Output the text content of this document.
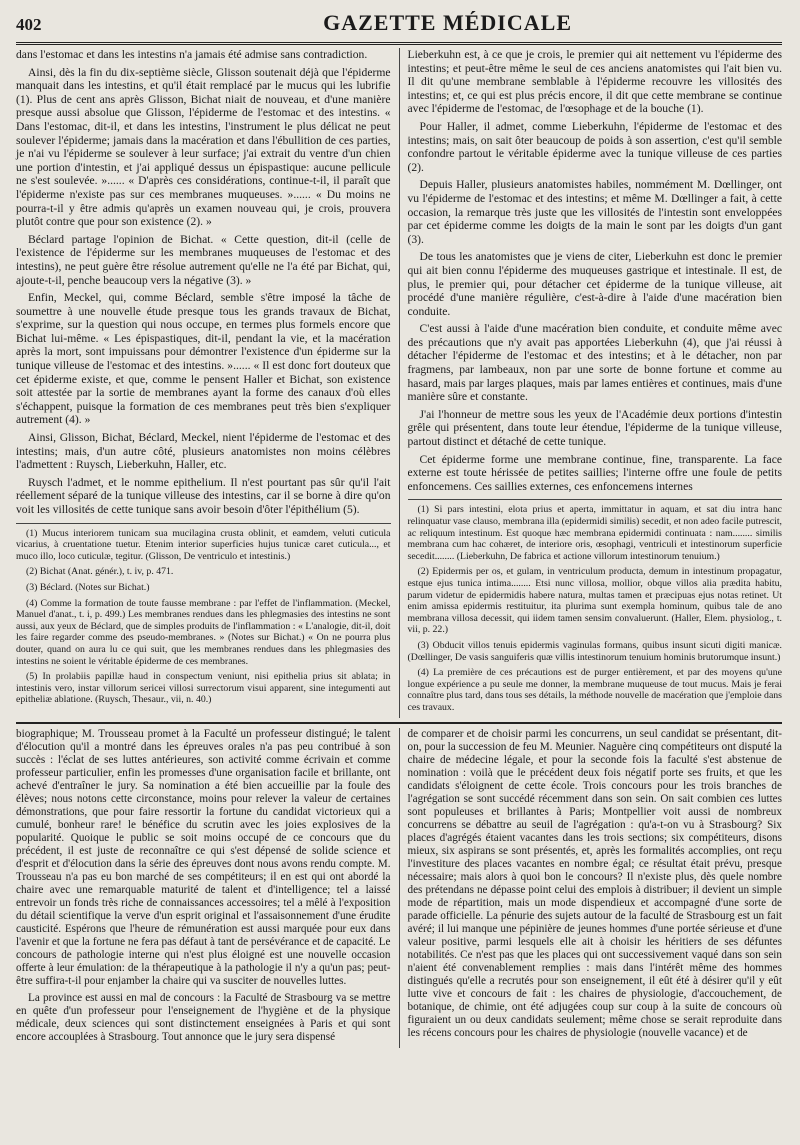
402	GAZETTE MÉDICALE

dans l'estomac et dans les intestins n'a jamais été admise sans contradiction.

Ainsi, dès la fin du dix-septième siècle, Glisson soutenait déjà que l'épiderme manquait dans les intestins, et qu'il était remplacé par le mucus qui les lubrifie (1). Plus de cent ans après Glisson, Bichat niait de nouveau, et d'une manière presque aussi absolue que Glisson, l'épiderme de l'estomac et des intestins. « Dans l'estomac, dit-il, et dans les intestins, l'instrument le plus délicat ne peut soulever l'épiderme; jamais dans la macération et dans l'ébullition de ces parties, je n'ai vu l'épiderme se soulever à leur surface; j'ai extrait du ventre d'un chien une portion d'intestin, et j'ai appliqué dessus un épispastique: aucune pellicule ne s'est soulevée. »...... « D'après ces considérations, continue-t-il, il paraît que l'épiderme n'existe pas sur ces membranes muqueuses. »...... « Du moins ne pourra-t-il y être admis qu'après un examen nouveau qui, je crois, prouvera plutôt contre que pour son existence (2). »

Béclard partage l'opinion de Bichat. « Cette question, dit-il (celle de l'existence de l'épiderme sur les membranes muqueuses de l'estomac et des intestins), ne peut guère être résolue autrement qu'elle ne l'a été par Bichat, qui, ajoute-t-il, penche beaucoup vers la négative (3). »

Enfin, Meckel, qui, comme Béclard, semble s'être imposé la tâche de soumettre à une nouvelle étude presque tous les grands travaux de Bichat, s'exprime, sur la question qui nous occupe, en termes plus formels encore que Bichat lui-même. « Les épispastiques, dit-il, pendant la vie, et la macération après la mort, sont impuissans pour démontrer l'existence d'un épiderme sur la tunique villeuse de l'estomac et des intestins. »...... « Il est donc fort douteux que cet épiderme existe, et que, comme le pensent Haller et Bichat, son existence soit attestée par la sortie de membranes ayant la forme des canaux d'où elles s'échappent, puisque la formation de ces membranes peut très bien s'expliquer autrement (4). »

Ainsi, Glisson, Bichat, Béclard, Meckel, nient l'épiderme de l'estomac et des intestins; mais, d'un autre côté, plusieurs anatomistes non moins célèbres l'admettent : Ruysch, Lieberkuhn, Haller, etc.

Ruysch l'admet, et le nomme epithelium. Il n'est pourtant pas sûr qu'il l'ait réellement séparé de la tunique villeuse des intestins, car il se borne à dire qu'on voit les villosités de cette tunique sans avoir besoin d'ôter l'épithélium (5).

(1) Mucus interiorem tunicam sua mucilagina crusta oblinit, et eamdem, veluti cuticula vicarius, à cruentatione tuetur. Etenim interior superficies hujus tunicæ caret cuticula..., et muco illo, loco cuticulæ, tegitur. (Glisson, De ventriculo et intestinis.)

(2) Bichat (Anat. génér.), t. iv, p. 471.

(3) Béclard. (Notes sur Bichat.)

(4) Comme la formation de toute fausse membrane : par l'effet de l'inflammation. (Meckel, Manuel d'anat., t. i, p. 499.) Les membranes rendues dans les phlegmasies des intestins ne sont aussi, aux yeux de Béclard, que de simples produits de l'inflammation : « L'analogie, dit-il, doit les faire regarder comme des pseudo-membranes. » (Notes sur Bichat.) « On ne pourra plus douter, quand on aura lu ce qui suit, que les membranes rendues dans les phlegmasies des intestins ne soient le véritable épiderme de ces membranes.

(5) In prolabiis papillæ haud in conspectum veniunt, nisi epithelia prius sit ablata; in intestinis vero, instar villorum sericei villosi surrectorum visui apparent, sine integumenti aut epitheliæ ablatione. (Ruysch, Thesaur., vii, n. 40.)

Lieberkuhn est, à ce que je crois, le premier qui ait nettement vu l'épiderme des intestins; et peut-être même le seul de ces anciens anatomistes qui l'ait bien vu. Il dit qu'une membrane semblable à l'épiderme recouvre les villosités des intestins; et, ce qui est plus précis encore, il dit que cette membrane se continue avec l'épiderme de l'estomac, de l'œsophage et de la bouche (1).

Pour Haller, il admet, comme Lieberkuhn, l'épiderme de l'estomac et des intestins; mais, on sait ôter beaucoup de poids à son assertion, c'est qu'il semble confondre partout le véritable épiderme avec la tunique villeuse de ces parties (2).

Depuis Haller, plusieurs anatomistes habiles, nommément M. Dœllinger, ont vu l'épiderme de l'estomac et des intestins; et même M. Dœllinger a fait, à cette occasion, la remarque très juste que les villosités de l'intestin sont enveloppées par cet épiderme comme les doigts de la main le sont par les doigts d'un gant (3).

De tous les anatomistes que je viens de citer, Lieberkuhn est donc le premier qui ait bien connu l'épiderme des muqueuses gastrique et intestinale. Il est, de plus, le premier qui, pour détacher cet épiderme de la tunique villeuse, ait procédé d'une manière régulière, c'est-à-dire à l'aide d'une macération bien conduite.

C'est aussi à l'aide d'une macération bien conduite, et conduite même avec des précautions que n'y avait pas apportées Lieberkuhn (4), que j'ai réussi à détacher l'épiderme de l'estomac et des intestins; et à le détacher, non par fragmens, par lambeaux, non par une sorte de bonne fortune et comme au hasard, mais par larges plaques, mais par lames entières et continues, mais d'une manière sûre et constante.

J'ai l'honneur de mettre sous les yeux de l'Académie deux portions d'intestin grêle qui présentent, dans toute leur étendue, l'épiderme de la tunique villeuse, partout distinct et détaché de cette tunique.

Cet épiderme forme une membrane continue, fine, transparente. La face externe est toute hérissée de petites saillies; l'interne offre une foule de petits enfoncemens. Ces saillies externes, ces enfoncemens internes

(1) Si pars intestini, elota prius et aperta, immittatur in aquam, et sat diu intra hanc relinquatur vase clauso, membrana illa (epidermidi similis) secedit, et non adeo facile putrescit, ac reliquum intestinum. Est quoque hæc membrana epidermidi continuata : nam........ similis membrana cum hac cohæret, de interiore oris, œsophagi, ventriculi et intestinorum superficie secedit........ (Lieberkuhn, De fabrica et actione villorum intestinorum tenuium.)

(2) Epidermis per os, et gulam, in ventriculum producta, demum in intestinum propagatur, estque ejus tunica intima........ Etsi nunc villosa, mollior, obque villos alia prædita habitu, parum videtur de epidermidis habere natura, multas tamen et præcipuas ejus notas retinet. Ut enim amissa epidermis restituitur, ita plurima sunt exempla hominum, quibus tale de ano membrana villosa decessit, qui iidem tamen sensim convaluerunt. (Haller, Elem. physiolog., t. vii, p. 22.)

(3) Obducit villos tenuis epidermis vaginulas formans, quibus insunt sicuti digiti manicæ. (Dœllinger, De vasis sanguiferis quæ villis intestinorum tenuium hominis brutorumque insunt.)

(4) La première de ces précautions est de purger entièrement, et par des moyens qu'une longue expérience a pu seule me donner, la membrane muqueuse de tout mucus. Mais je ferai connaître plus tard, dans tous ses détails, la méthode nouvelle de macération que j'emploie dans ces travaux.

biographique; M. Trousseau promet à la Faculté un professeur distingué; le talent d'élocution qu'il a montré dans les épreuves orales n'a pas peu contribué à son succès : l'éclat de ses luttes antérieures, son activité comme écrivain et comme professeur particulier, enfin les promesses d'une organisation facile et brillante, ont achevé d'entraîner le jury. Sa nomination a été bien accueillie par la foule des élèves; nous notons cette circonstance, moins pour relever la valeur de certaines démonstrations, que pour faire ressortir la fortune du candidat victorieux qui a cumulé, bonheur rare! le bénéfice du scrutin avec les joies explosives de la popularité. Quoique le public se soit moins occupé de ce concours que du précédent, il est juste de reconnaître ce qui s'est dépensé de solide science et d'esprit et d'élocution dans la série des épreuves dont nous avons rendu compte. M. Trousseau n'a pas eu bon marché de ses compétiteurs; il en est qui ont abordé la chaire avec une remarquable maturité de talent et d'intelligence; tel a laissé entrevoir un fonds très riche de connaissances accessoires; tel a mêlé à l'exposition du détail scientifique la verve d'un esprit original et l'assaisonnement d'une érudite causticité. Espérons que l'heure de rémunération est aussi marquée pour eux dans l'avenir et que la fortune ne fera pas défaut à tant de persévérance et de capacité. Le concours de pathologie interne qui n'est plus éloigné est une nouvelle occasion offerte à leur émulation: de la thérapeutique à la pathologie il n'y a qu'un pas; peut-être suffira-t-il pour enjamber la chaire qui va susciter de nouvelles luttes.

La province est aussi en mal de concours : la Faculté de Strasbourg va se mettre en quête d'un professeur pour l'enseignement de l'hygiène et de la physique médicale, deux sciences qui sont distinctement enseignées à Paris et qui sont encore accouplées à Strasbourg. Tout annonce que le jury sera dispensé

de comparer et de choisir parmi les concurrens, un seul candidat se présentant, dit-on, pour la succession de feu M. Meunier. Naguère cinq compétiteurs ont disputé la chaire de médecine légale, et pour la seconde fois la faculté s'est abstenue de nomination : voilà que le précédent deux fois négatif porte ses fruits, et que les candidats s'éloignent de cette école. Trois concours pour les trois branches de l'agrégation se sont succédé récemment dans son sein. On sait combien ces luttes sont populeuses et brillantes à Paris; Montpellier voit aussi de nombreux concurrens se débattre au seuil de l'agrégation : qu'a-t-on vu à Strasbourg? Six places d'agrégés étaient vacantes dans les trois sections; six compétiteurs, disons mieux, six aspirans se sont présentés, et, après les formalités accomplies, ont reçu l'investiture des places vacantes en nombre égal; ce résultat était prévu, presque nécessaire; mais alors à quoi bon le concours? Il n'existe plus, dès quele nombre des prétendans ne dépasse point celui des emplois à distribuer; il devient un simple mode de répartition, mais un mode dispendieux et accompagné d'une sorte de parade officielle. La pénurie des sujets autour de la faculté de Strasbourg est un fait avéré; il lui manque une pépinière de jeunes hommes d'une portée sérieuse et d'une valeur positive, parmi lesquels elle ait à choisir les héritiers de ses défuntes notabilités. Ce n'est pas que les places qui ont successivement vaqué dans son sein n'aient été convenablement remplies : mais dans l'intérêt même des hommes distingués qu'elle a recrutés pour son enseignement, il eût été à désirer qu'il y eût lutte vive et concours de fait : les chaires de physiologie, d'accouchement, de botanique, de chimie, ont été adjugées coup sur coup à la suite de concours où figuraient un ou deux candidats seulement; même chose se serait reproduite dans les récens concours pour les chaires de physiologie (nouvelle vacance) et de
